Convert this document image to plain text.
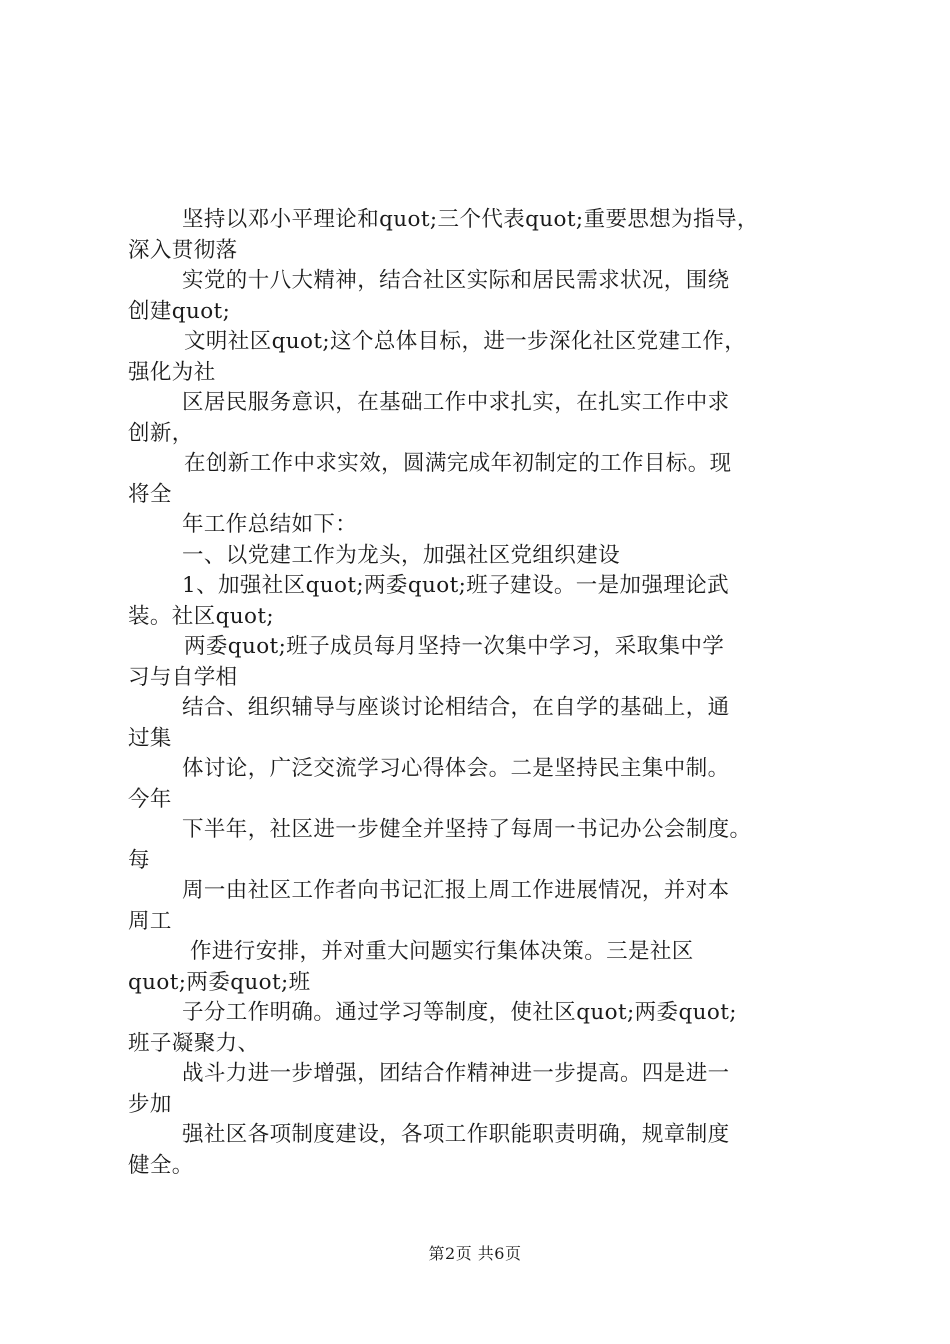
坚持以邓小平理论和quot;三个代表quot;重要思想为指导，

深入贯彻落

实党的十八大精神，结合社区实际和居民需求状况，围绕

创建quot;

文明社区quot;这个总体目标，进一步深化社区党建工作，

强化为社

区居民服务意识，在基础工作中求扎实，在扎实工作中求

创新，

在创新工作中求实效，圆满完成年初制定的工作目标。现

将全

年工作总结如下：

一、以党建工作为龙头，加强社区党组织建设

1、加强社区quot;两委quot;班子建设。一是加强理论武

装。社区quot;

两委quot;班子成员每月坚持一次集中学习，采取集中学

习与自学相

结合、组织辅导与座谈讨论相结合，在自学的基础上，通

过集

体讨论，广泛交流学习心得体会。二是坚持民主集中制。

今年

下半年，社区进一步健全并坚持了每周一书记办公会制度。

每

周一由社区工作者向书记汇报上周工作进展情况，并对本

周工

作进行安排，并对重大问题实行集体决策。三是社区

quot;两委quot;班

子分工作明确。通过学习等制度，使社区quot;两委quot;

班子凝聚力、

战斗力进一步增强，团结合作精神进一步提高。四是进一

步加

强社区各项制度建设，各项工作职能职责明确，规章制度

健全。

第2页 共6页
